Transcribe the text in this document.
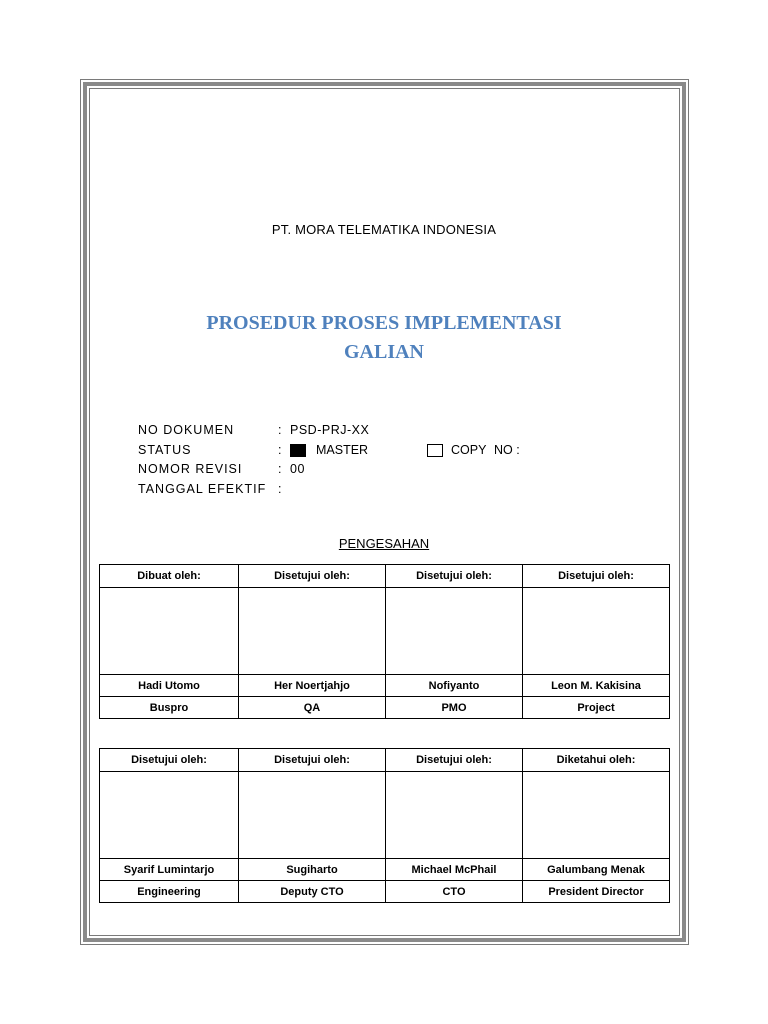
PT. MORA TELEMATIKA INDONESIA
PROSEDUR PROSES IMPLEMENTASI
GALIAN
NO DOKUMEN	: PSD-PRJ-XX
STATUS	:	MASTER	COPY NO :
NOMOR REVISI	: 00
TANGGAL EFEKTIF :
PENGESAHAN
Dibuat oleh:	Disetujui oleh:	Disetujui oleh:	Disetujui oleh:

Hadi Utomo	Her Noertjahjo	Nofiyanto	Leon M. Kakisina
Buspro	QA	PMO	Project
Disetujui oleh:	Disetujui oleh:	Disetujui oleh:	Diketahui oleh:

Syarif Lumintarjo	Sugiharto	Michael McPhail	Galumbang Menak
Engineering	Deputy CTO	CTO	President Director
